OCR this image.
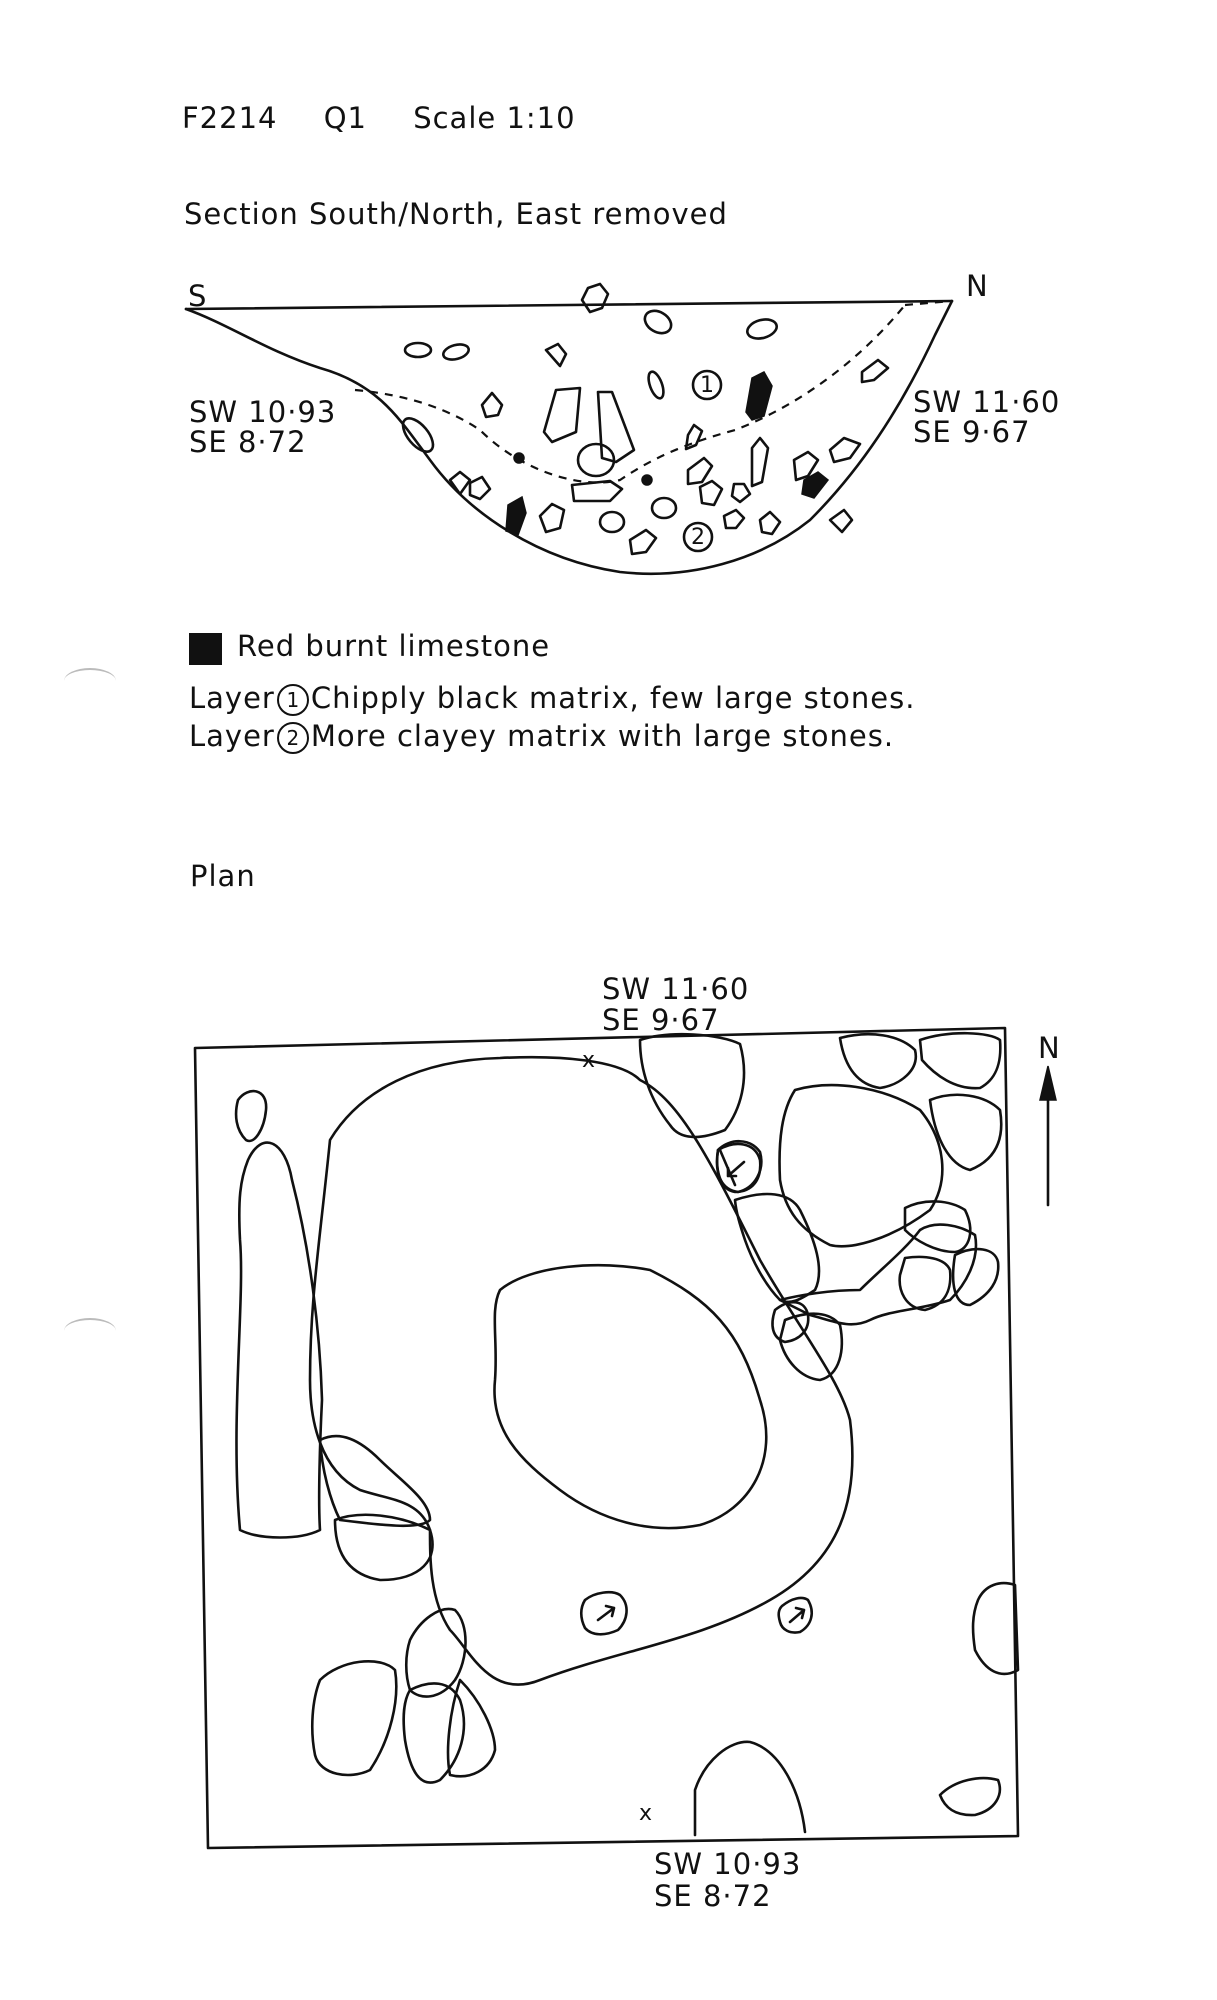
F2214 Q1 Scale 1:10
Section South/North, East removed
1
2
S	N
SW 10·93
SE 8·72
SW 11·60
SE 9·67
Red burnt limestone
Layer 1 Chipply black matrix, few large stones.
Layer 2 More clayey matrix with large stones.
Plan
SW 11·60
SE 9·67
SW 10·93
SE 8·72
N
x
x
